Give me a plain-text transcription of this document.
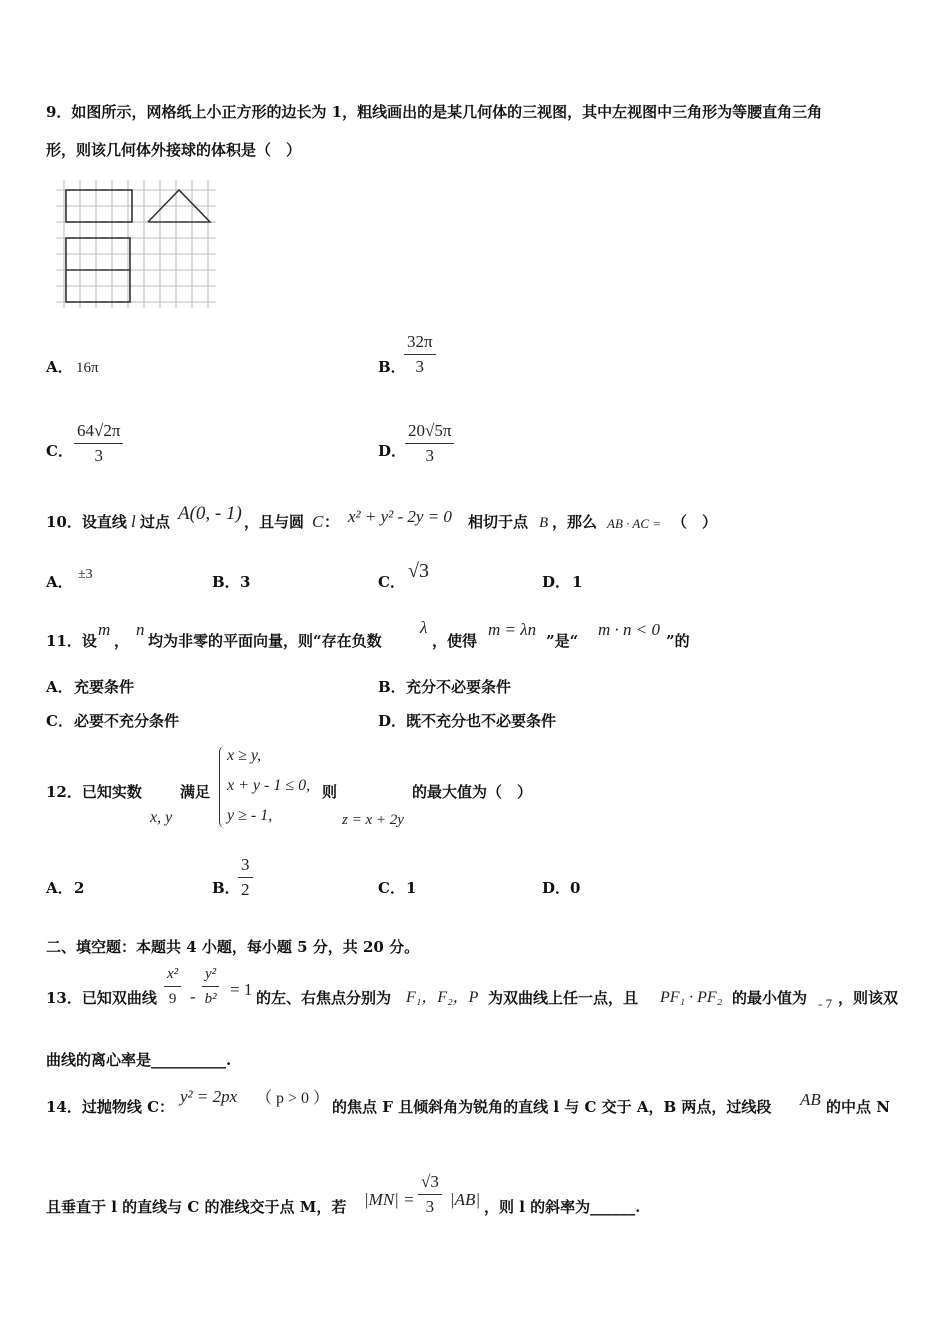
9．如图所示，网格纸上小正方形的边长为 1，粗线画出的是某几何体的三视图，其中左视图中三角形为等腰直角三角
形，则该几何体外接球的体积是（　）
A． 16π	B．
$\frac{32\pi}{3}$
C． $\frac{64√2\pi}{3}$	D．
$\frac{20√5\pi}{3}$
10．设直线 l 过点 A(0, - 1) ，且与圆 C ： x² + y² - 2y = 0 相切于点 B ，那么 AB · AC = （　）
A． ±3	B． 3	C． √3	D． 1
11．设
m
，
n
均为非零的平面向量，则“存在负数
λ
，使得
m = λn
”是“
m · n < 0
”的
A． 充要条件	B． 充分不必要条件
C． 必要不充分条件	D． 既不充分也不必要条件
12．已知实数
x, y
满足
x ≥ y,
x + y - 1 ≤ 0,
y ≥ - 1,
则
z = x + 2y
的最大值为（　）
A． 2	B．
$\frac{3}{2}$	C． 1	D． 0
二、填空题：本题共 4 小题，每小题 5 分，共 20 分。
13．已知双曲线 $\frac{\text{x²}}{9} - \frac{\text{y²}}{\text{b²}} = 1$ 的左、右焦点分别为 F₁，F₂，P 为双曲线上任一点，且 PF₁ · PF₂ 的最小值为 - 7 ，则该双
曲线的离心率是__________.
14．过抛物线 C：
y² = 2px （ p > 0 ） 的焦点 F 且倾斜角为锐角的直线 l 与 C 交于 A，B 两点，过线段 AB 的中点 N
且垂直于 l 的直线与 C 的准线交于点 M，若 $|MN| = \frac{√3}{3} |AB|$ ，则 l 的斜率为______.
